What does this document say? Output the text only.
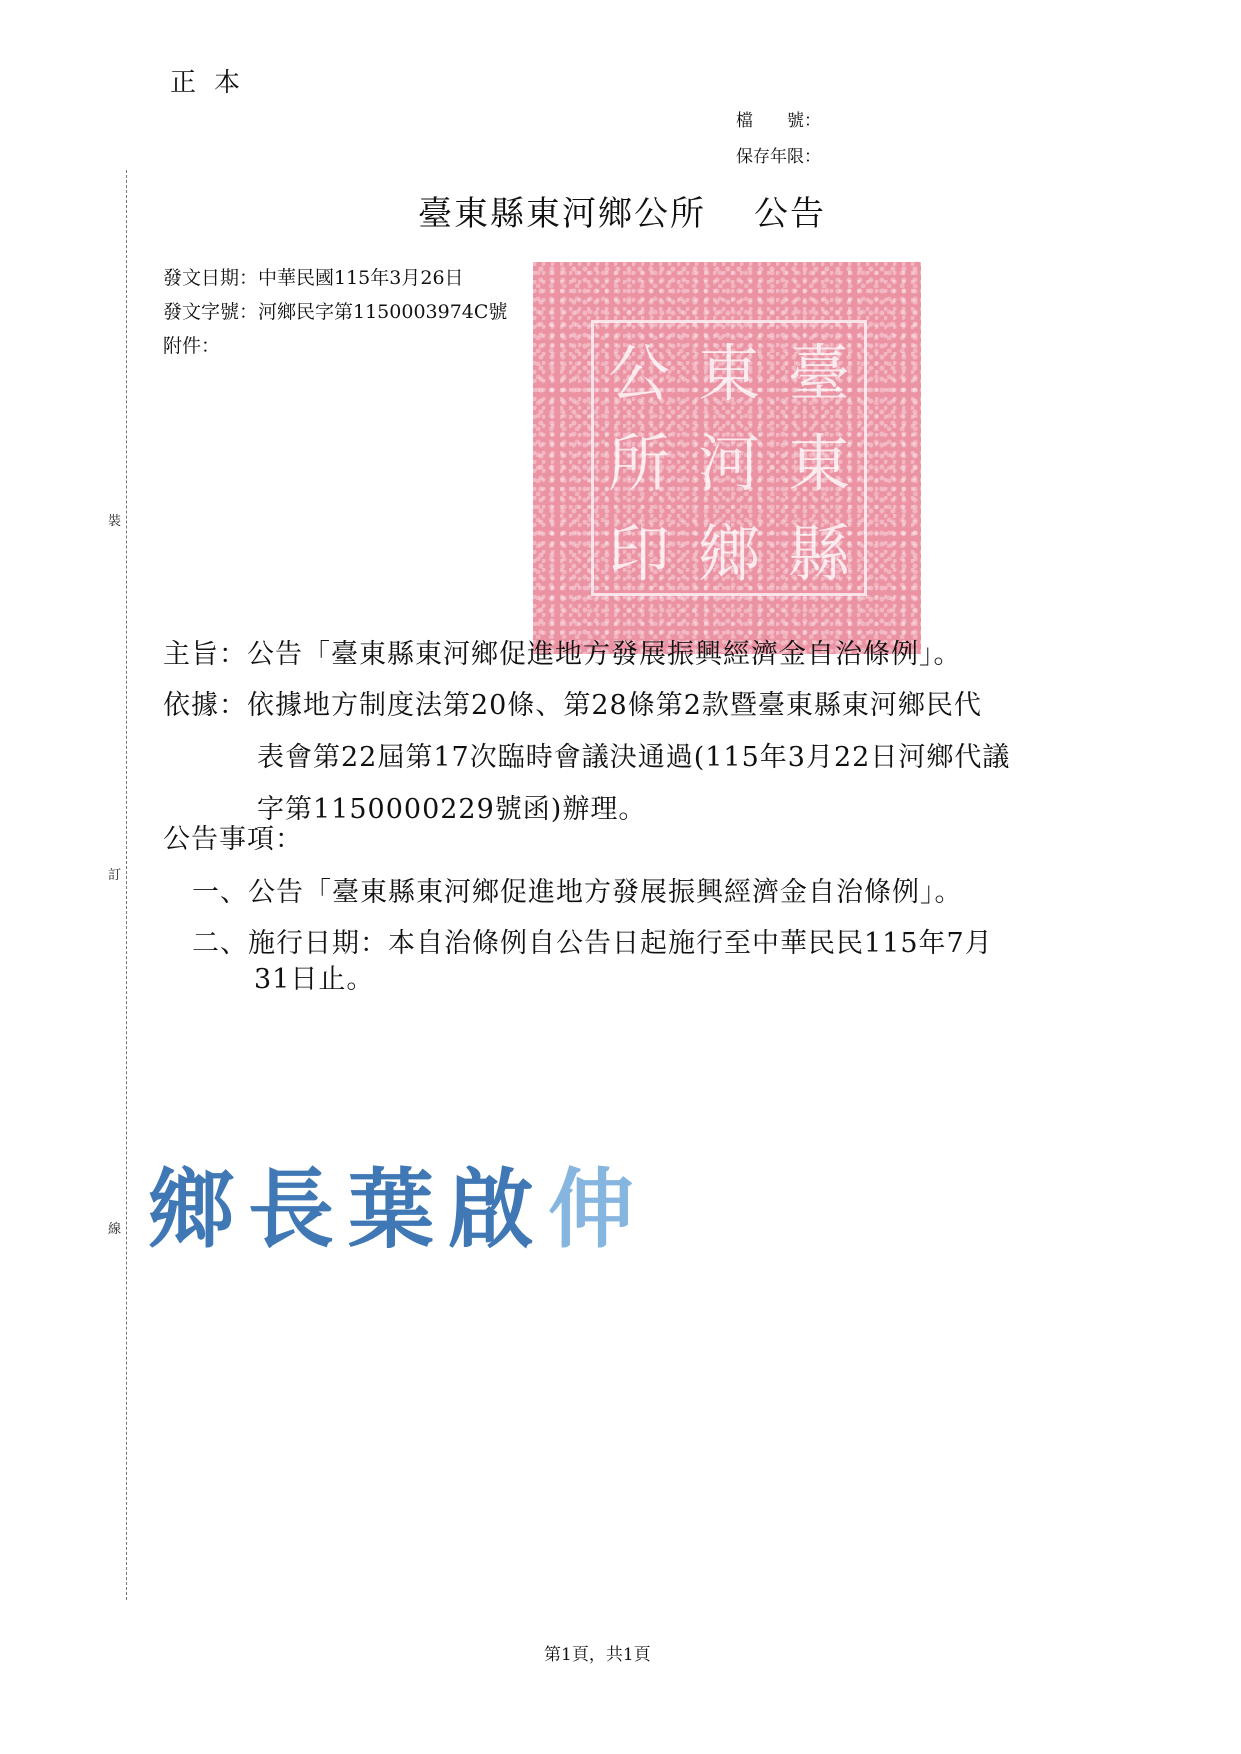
正本
檔　　號：
保存年限：
臺東縣東河鄉公所 公告
裝
訂
線
臺
東
縣
東
河
鄉
公
所
印
發文日期：中華民國115年3月26日
發文字號：河鄉民字第1150003974C號
附件：
主旨：公告「臺東縣東河鄉促進地方發展振興經濟金自治條例」。
依據：依據地方制度法第20條、第28條第2款暨臺東縣東河鄉民代
表會第22屆第17次臨時會議決通過(115年3月22日河鄉代議
字第1150000229號函)辦理。
公告事項：
一、公告「臺東縣東河鄉促進地方發展振興經濟金自治條例」。
二、施行日期：本自治條例自公告日起施行至中華民民115年7月
31日止。
鄉長葉啟伸
第1頁，共1頁
